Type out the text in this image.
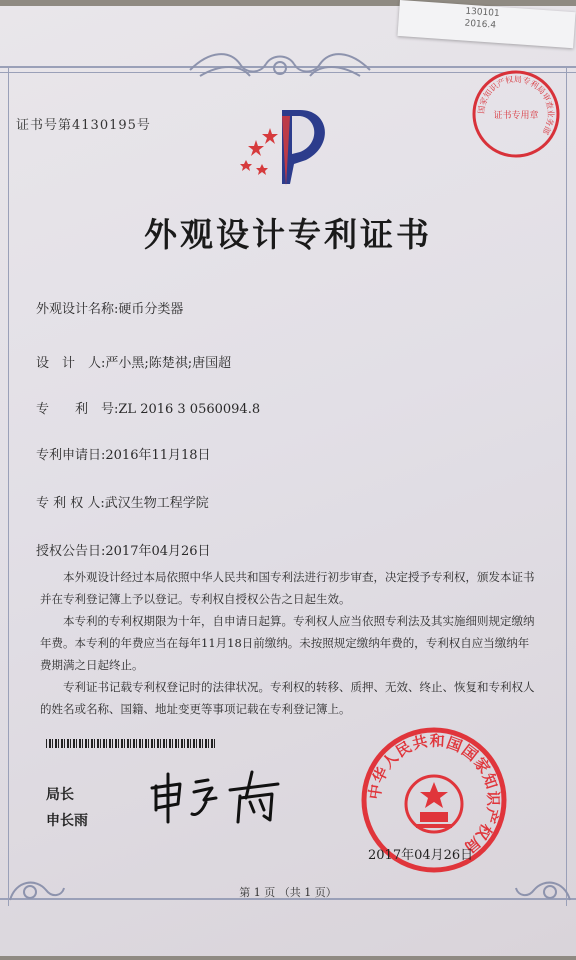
国家知识产权局专利局审查业务部
证书专用章
证书号第4130195号
外观设计专利证书
外观设计名称:硬币分类器
设　计　人:严小黑;陈楚祺;唐国超
专　　利　号:ZL 2016 3 0560094.8
专利申请日:2016年11月18日
专 利 权 人:武汉生物工程学院
授权公告日:2017年04月26日

本外观设计经过本局依照中华人民共和国专利法进行初步审查，决定授予专利权，颁发本证书并在专利登记簿上予以登记。专利权自授权公告之日起生效。

本专利的专利权期限为十年，自申请日起算。专利权人应当依照专利法及其实施细则规定缴纳年费。本专利的年费应当在每年11月18日前缴纳。未按照规定缴纳年费的，专利权自应当缴纳年费期满之日起终止。

专利证书记载专利权登记时的法律状况。专利权的转移、质押、无效、终止、恢复和专利权人的姓名或名称、国籍、地址变更等事项记载在专利登记簿上。

局长
申长雨
中华人民共和国国家知识产权局
2017年04月26日
第 1 页 （共 1 页）
130101
2016.4
